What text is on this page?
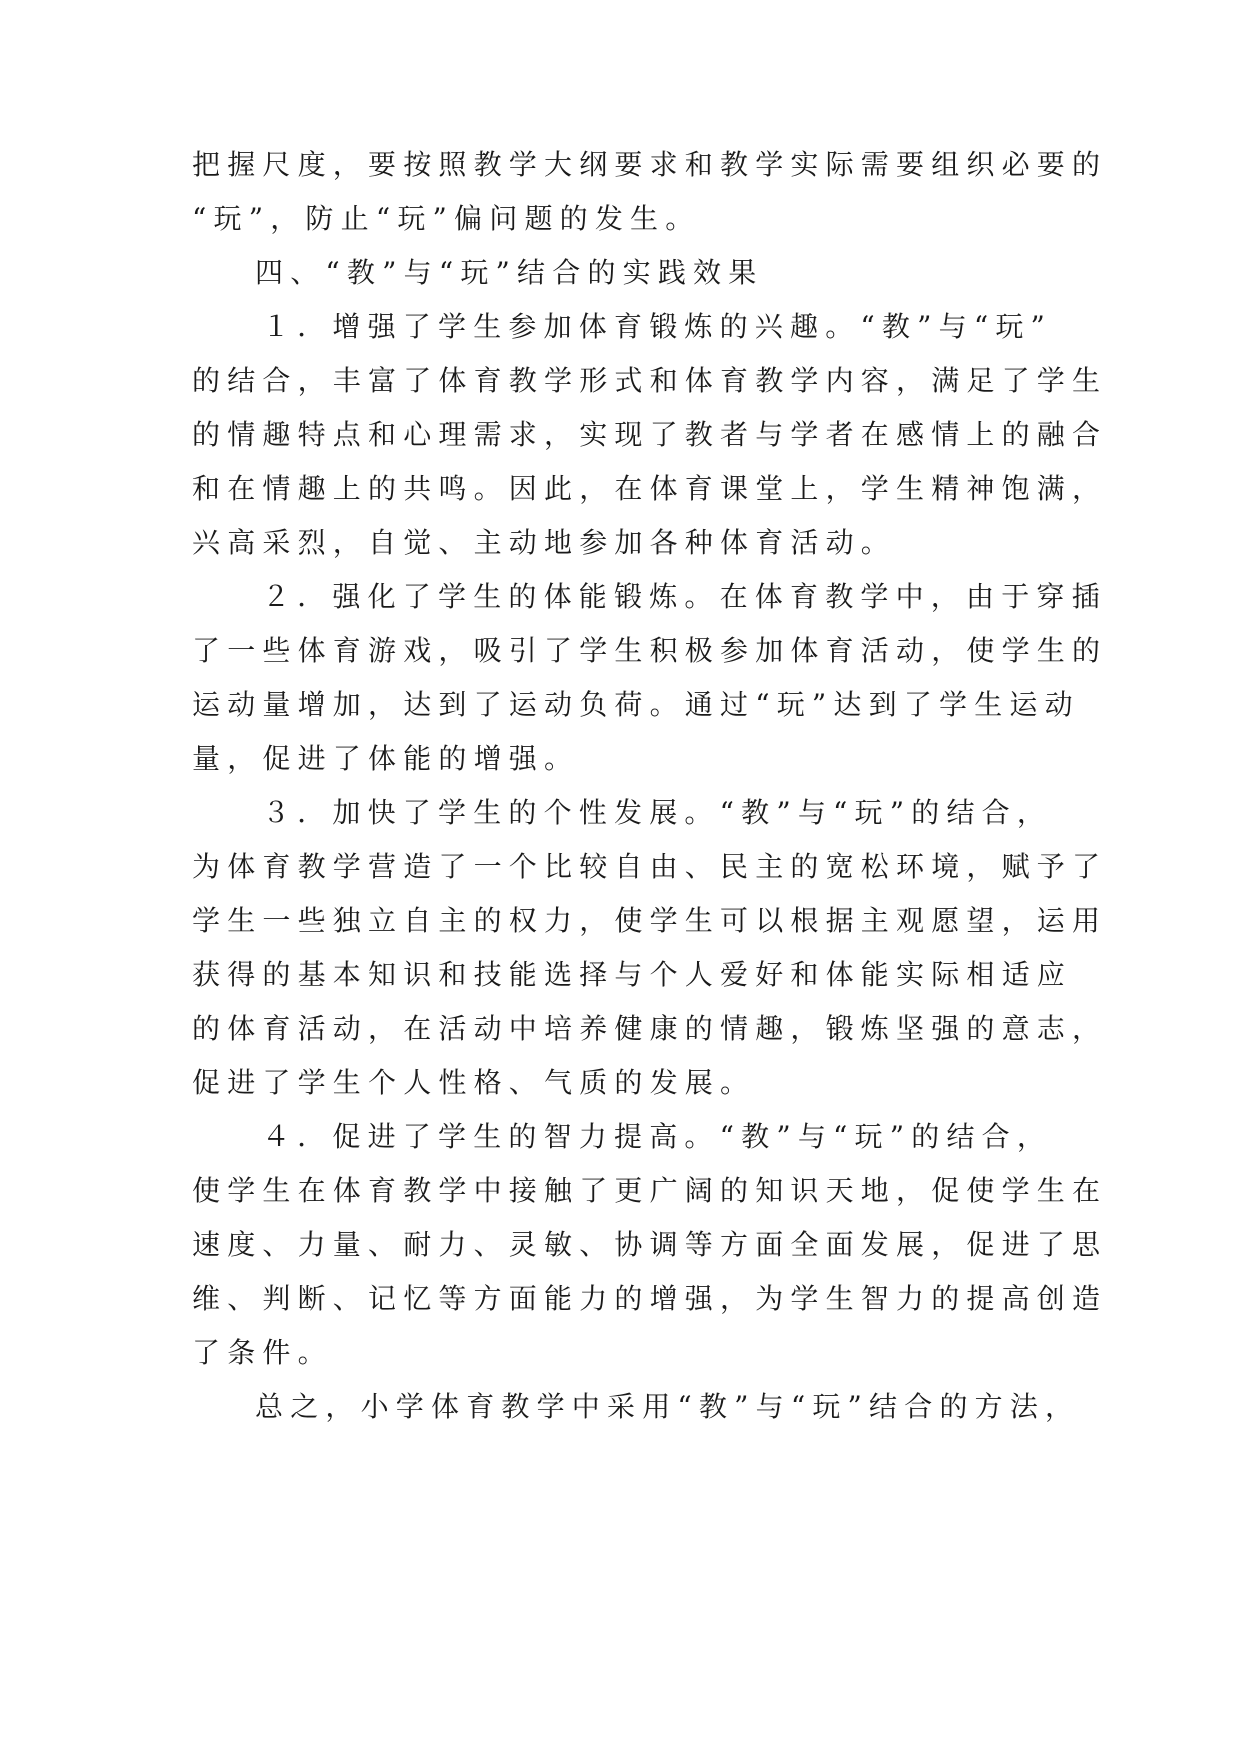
把握尺度，要按照教学大纲要求和教学实际需要组织必要的

“玩”，防止“玩”偏问题的发生。

四、“教”与“玩”结合的实践效果

１．增强了学生参加体育锻炼的兴趣。“教”与“玩”

的结合，丰富了体育教学形式和体育教学内容，满足了学生

的情趣特点和心理需求，实现了教者与学者在感情上的融合

和在情趣上的共鸣。因此，在体育课堂上，学生精神饱满，

兴高采烈，自觉、主动地参加各种体育活动。

２．强化了学生的体能锻炼。在体育教学中，由于穿插

了一些体育游戏，吸引了学生积极参加体育活动，使学生的

运动量增加，达到了运动负荷。通过“玩”达到了学生运动

量，促进了体能的增强。

３．加快了学生的个性发展。“教”与“玩”的结合，

为体育教学营造了一个比较自由、民主的宽松环境，赋予了

学生一些独立自主的权力，使学生可以根据主观愿望，运用

获得的基本知识和技能选择与个人爱好和体能实际相适应

的体育活动，在活动中培养健康的情趣，锻炼坚强的意志，

促进了学生个人性格、气质的发展。

４．促进了学生的智力提高。“教”与“玩”的结合，

使学生在体育教学中接触了更广阔的知识天地，促使学生在

速度、力量、耐力、灵敏、协调等方面全面发展，促进了思

维、判断、记忆等方面能力的增强，为学生智力的提高创造

了条件。

总之，小学体育教学中采用“教”与“玩”结合的方法，
